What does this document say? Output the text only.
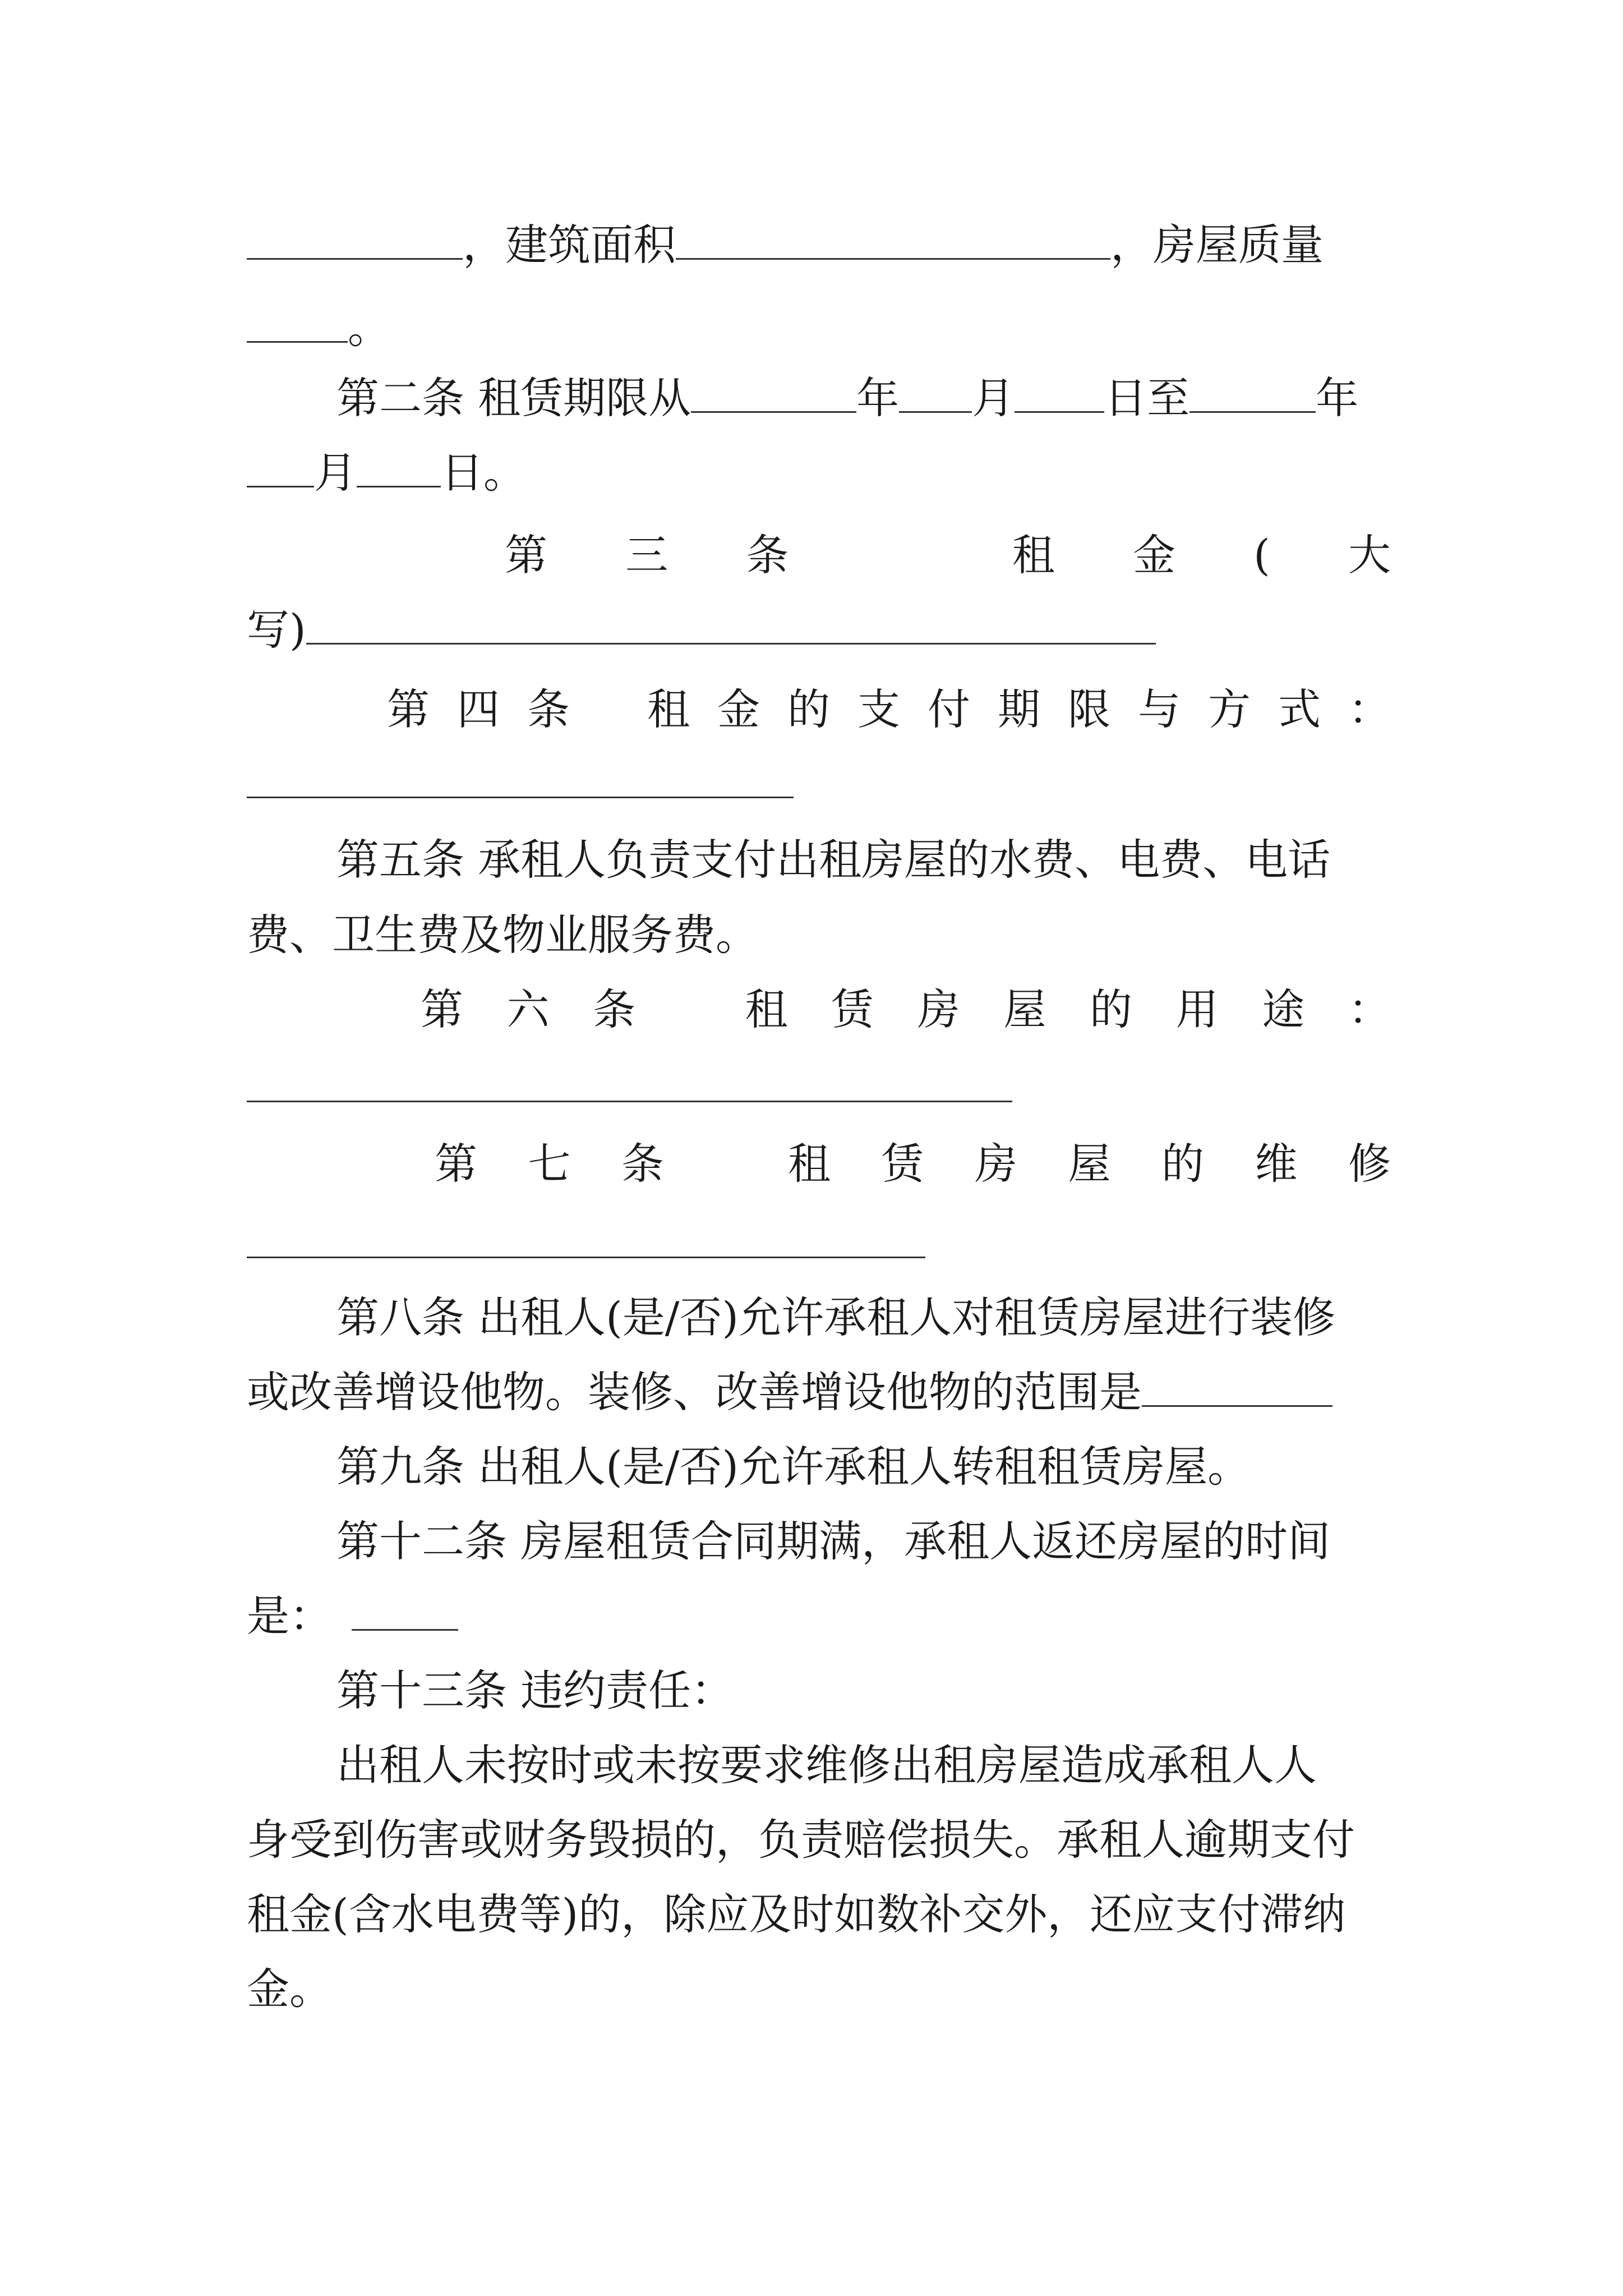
，建筑面积	，房屋质量
。
第二条 租赁期限从	年 月 日至	年
月 日。
第 三 条	租 金 ( 大
写)
第 四 条 租 金 的 支 付 期 限 与 方 式 ：
第五条 承租人负责支付出租房屋的水费、电费、电话
费、卫生费及物业服务费。
第 六 条	租 赁 房 屋 的 用 途 ：
第 七 条	租 赁 房 屋 的 维 修
第八条 出租人(是/否)允许承租人对租赁房屋进行装修
或改善增设他物。装修、改善增设他物的范围是
第九条 出租人(是/否)允许承租人转租租赁房屋。
第十二条 房屋租赁合同期满，承租人返还房屋的时间
是：
第十三条 违约责任：
出租人未按时或未按要求维修出租房屋造成承租人人
身受到伤害或财务毁损的，负责赔偿损失。承租人逾期支付
租金(含水电费等)的，除应及时如数补交外，还应支付滞纳
金。
